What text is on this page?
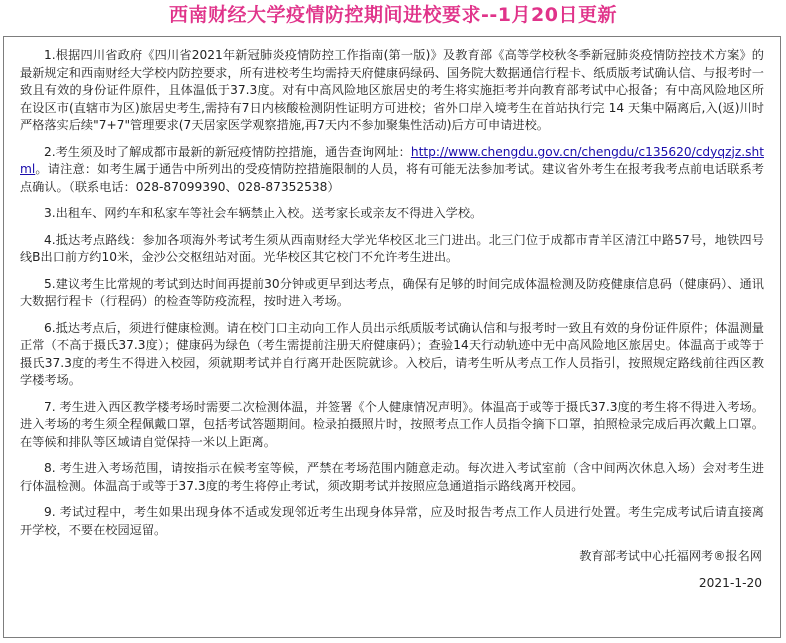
西南财经大学疫情防控期间进校要求--1月20日更新

1.根据四川省政府《四川省2021年新冠肺炎疫情防控工作指南(第一版)》及教育部《高等学校秋冬季新冠肺炎疫情防控技术方案》的最新规定和西南财经大学校内防控要求，所有进校考生均需持天府健康码绿码、国务院大数据通信行程卡、纸质版考试确认信、与报考时一致且有效的身份证件原件，且体温低于37.3度。对有中高风险地区旅居史的考生将实施拒考并向教育部考试中心报备；有中高风险地区所在设区市(直辖市为区)旅居史考生,需持有7日内核酸检测阴性证明方可进校；省外口岸入境考生在首站执行完 14 天集中隔离后,入(返)川时严格落实后续"7+7"管理要求(7天居家医学观察措施,再7天内不参加聚集性活动)后方可申请进校。

2.考生须及时了解成都市最新的新冠疫情防控措施，通告查询网址：http://www.chengdu.gov.cn/chengdu/c135620/cdyqzjz.shtml。请注意：如考生属于通告中所列出的受疫情防控措施限制的人员，将有可能无法参加考试。建议省外考生在报考我考点前电话联系考点确认。（联系电话：028-87099390、028-87352538）

3.出租车、网约车和私家车等社会车辆禁止入校。送考家长或亲友不得进入学校。

4.抵达考点路线：参加各项海外考试考生须从西南财经大学光华校区北三门进出。北三门位于成都市青羊区清江中路57号，地铁四号线B出口前方约10米，金沙公交枢纽站对面。光华校区其它校门不允许考生进出。

5.建议考生比常规的考试到达时间再提前30分钟或更早到达考点，确保有足够的时间完成体温检测及防疫健康信息码（健康码）、通讯大数据行程卡（行程码）的检查等防疫流程，按时进入考场。

6.抵达考点后，须进行健康检测。请在校门口主动向工作人员出示纸质版考试确认信和与报考时一致且有效的身份证件原件；体温测量正常（不高于摄氏37.3度）；健康码为绿色（考生需提前注册天府健康码）；查验14天行动轨迹中无中高风险地区旅居史。体温高于或等于摄氏37.3度的考生不得进入校园，须就期考试并自行离开赴医院就诊。入校后，请考生听从考点工作人员指引，按照规定路线前往西区教学楼考场。

7. 考生进入西区教学楼考场时需要二次检测体温，并签署《个人健康情况声明》。体温高于或等于摄氏37.3度的考生将不得进入考场。进入考场的考生须全程佩戴口罩，包括考试答题期间。检录拍摄照片时，按照考点工作人员指令摘下口罩，拍照检录完成后再次戴上口罩。在等候和排队等区域请自觉保持一米以上距离。

8. 考生进入考场范围，请按指示在候考室等候，严禁在考场范围内随意走动。每次进入考试室前（含中间两次休息入场）会对考生进行体温检测。体温高于或等于37.3度的考生将停止考试，须改期考试并按照应急通道指示路线离开校园。

9. 考试过程中，考生如果出现身体不适或发现邻近考生出现身体异常，应及时报告考点工作人员进行处置。考生完成考试后请直接离开学校，不要在校园逗留。

教育部考试中心托福网考®报名网
2021-1-20
